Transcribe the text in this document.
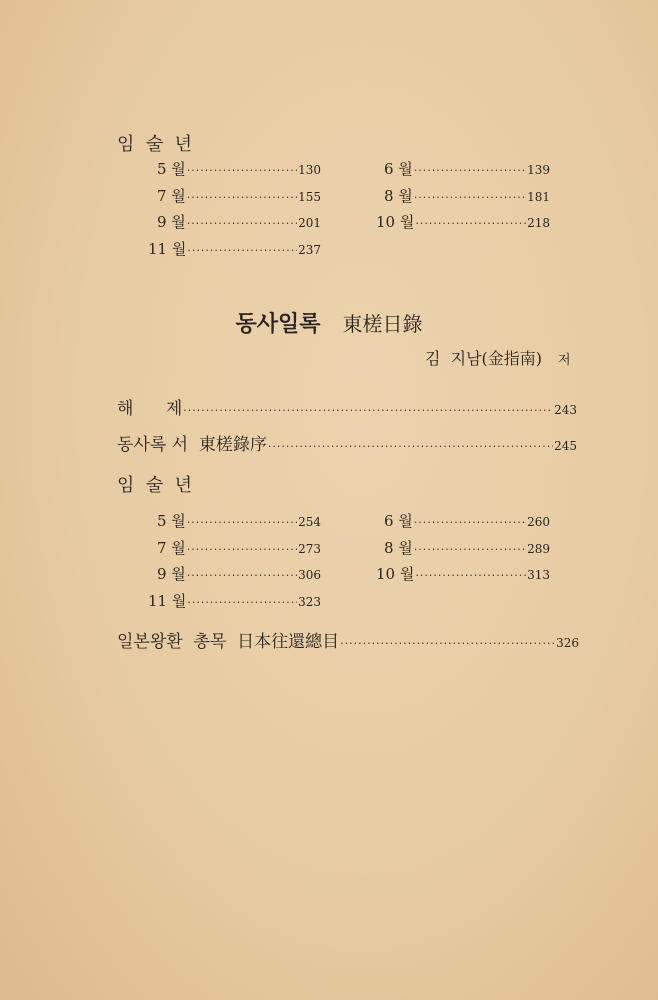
임  술  년
5 월 ·····	130	6 월 ·····	139
7 월 ·····	155	8 월 ·····	181
9 월 ·····	201	10 월 ·····	218
11 월 ·····	237
동사일록 東槎日錄
김  지남(金指南) 저
해      제 ·····	243
동사록 서  東槎錄序 ·····	245
임  술  년
5 월 ·····	254	6 월 ·····	260
7 월 ·····	273	8 월 ·····	289
9 월 ·····	306	10 월 ·····	313
11 월 ·····	323
일본왕환  총목  日本往還總目 ·····	326
